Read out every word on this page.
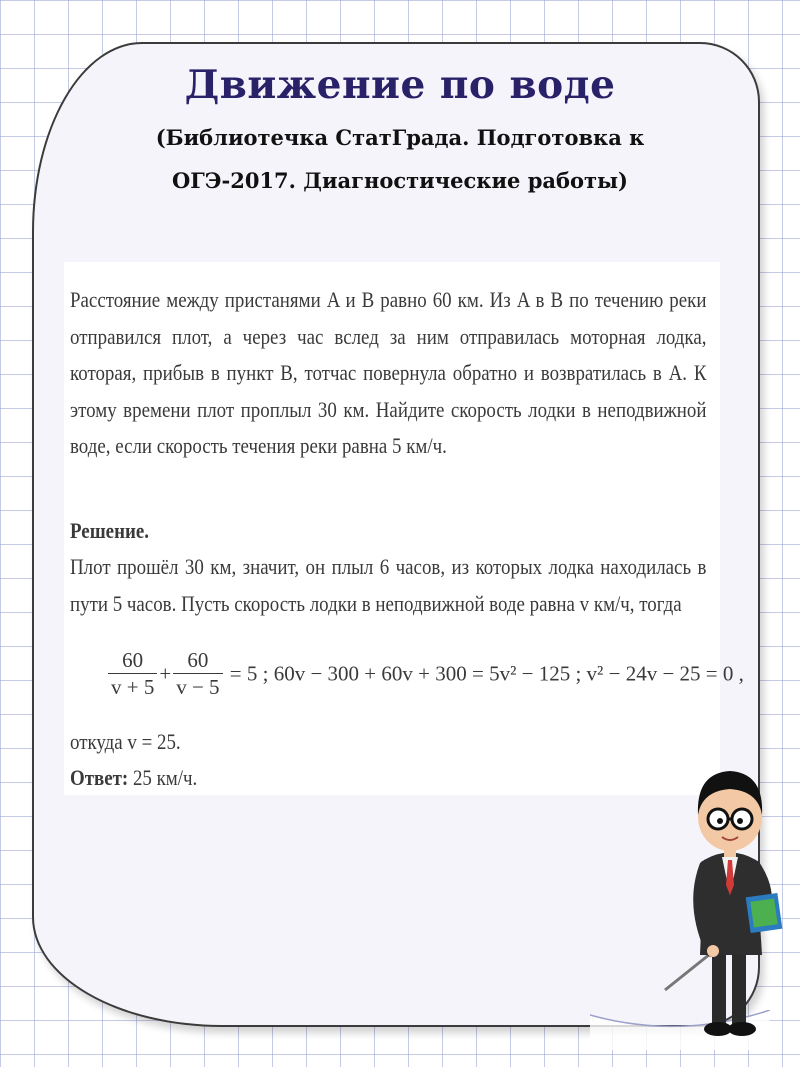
Движение по воде

(Библиотечка СтатГрада. Подготовка к

ОГЭ-2017. Диагностические работы)

Расстояние между пристанями A и B равно 60 км. Из A в B по течению реки отправился плот, а через час вслед за ним отправилась моторная лодка, которая, прибыв в пункт B, тотчас повернула обратно и возвратилась в A. К этому времени плот проплыл 30 км. Найдите скорость лодки в неподвижной воде, если скорость течения реки равна 5 км/ч.

Решение.

Плот прошёл 30 км, значит, он плыл 6 часов, из которых лодка находилась в пути 5 часов. Пусть скорость лодки в неподвижной воде равна v км/ч, тогда

$\frac{60}{v + 5} + \frac{60}{v - 5} = 5$ ; 60v − 300 + 60v + 300 = 5v² − 125 ; v² − 24v − 25 = 0 ,
откуда v = 25.
Ответ: 25 км/ч.
